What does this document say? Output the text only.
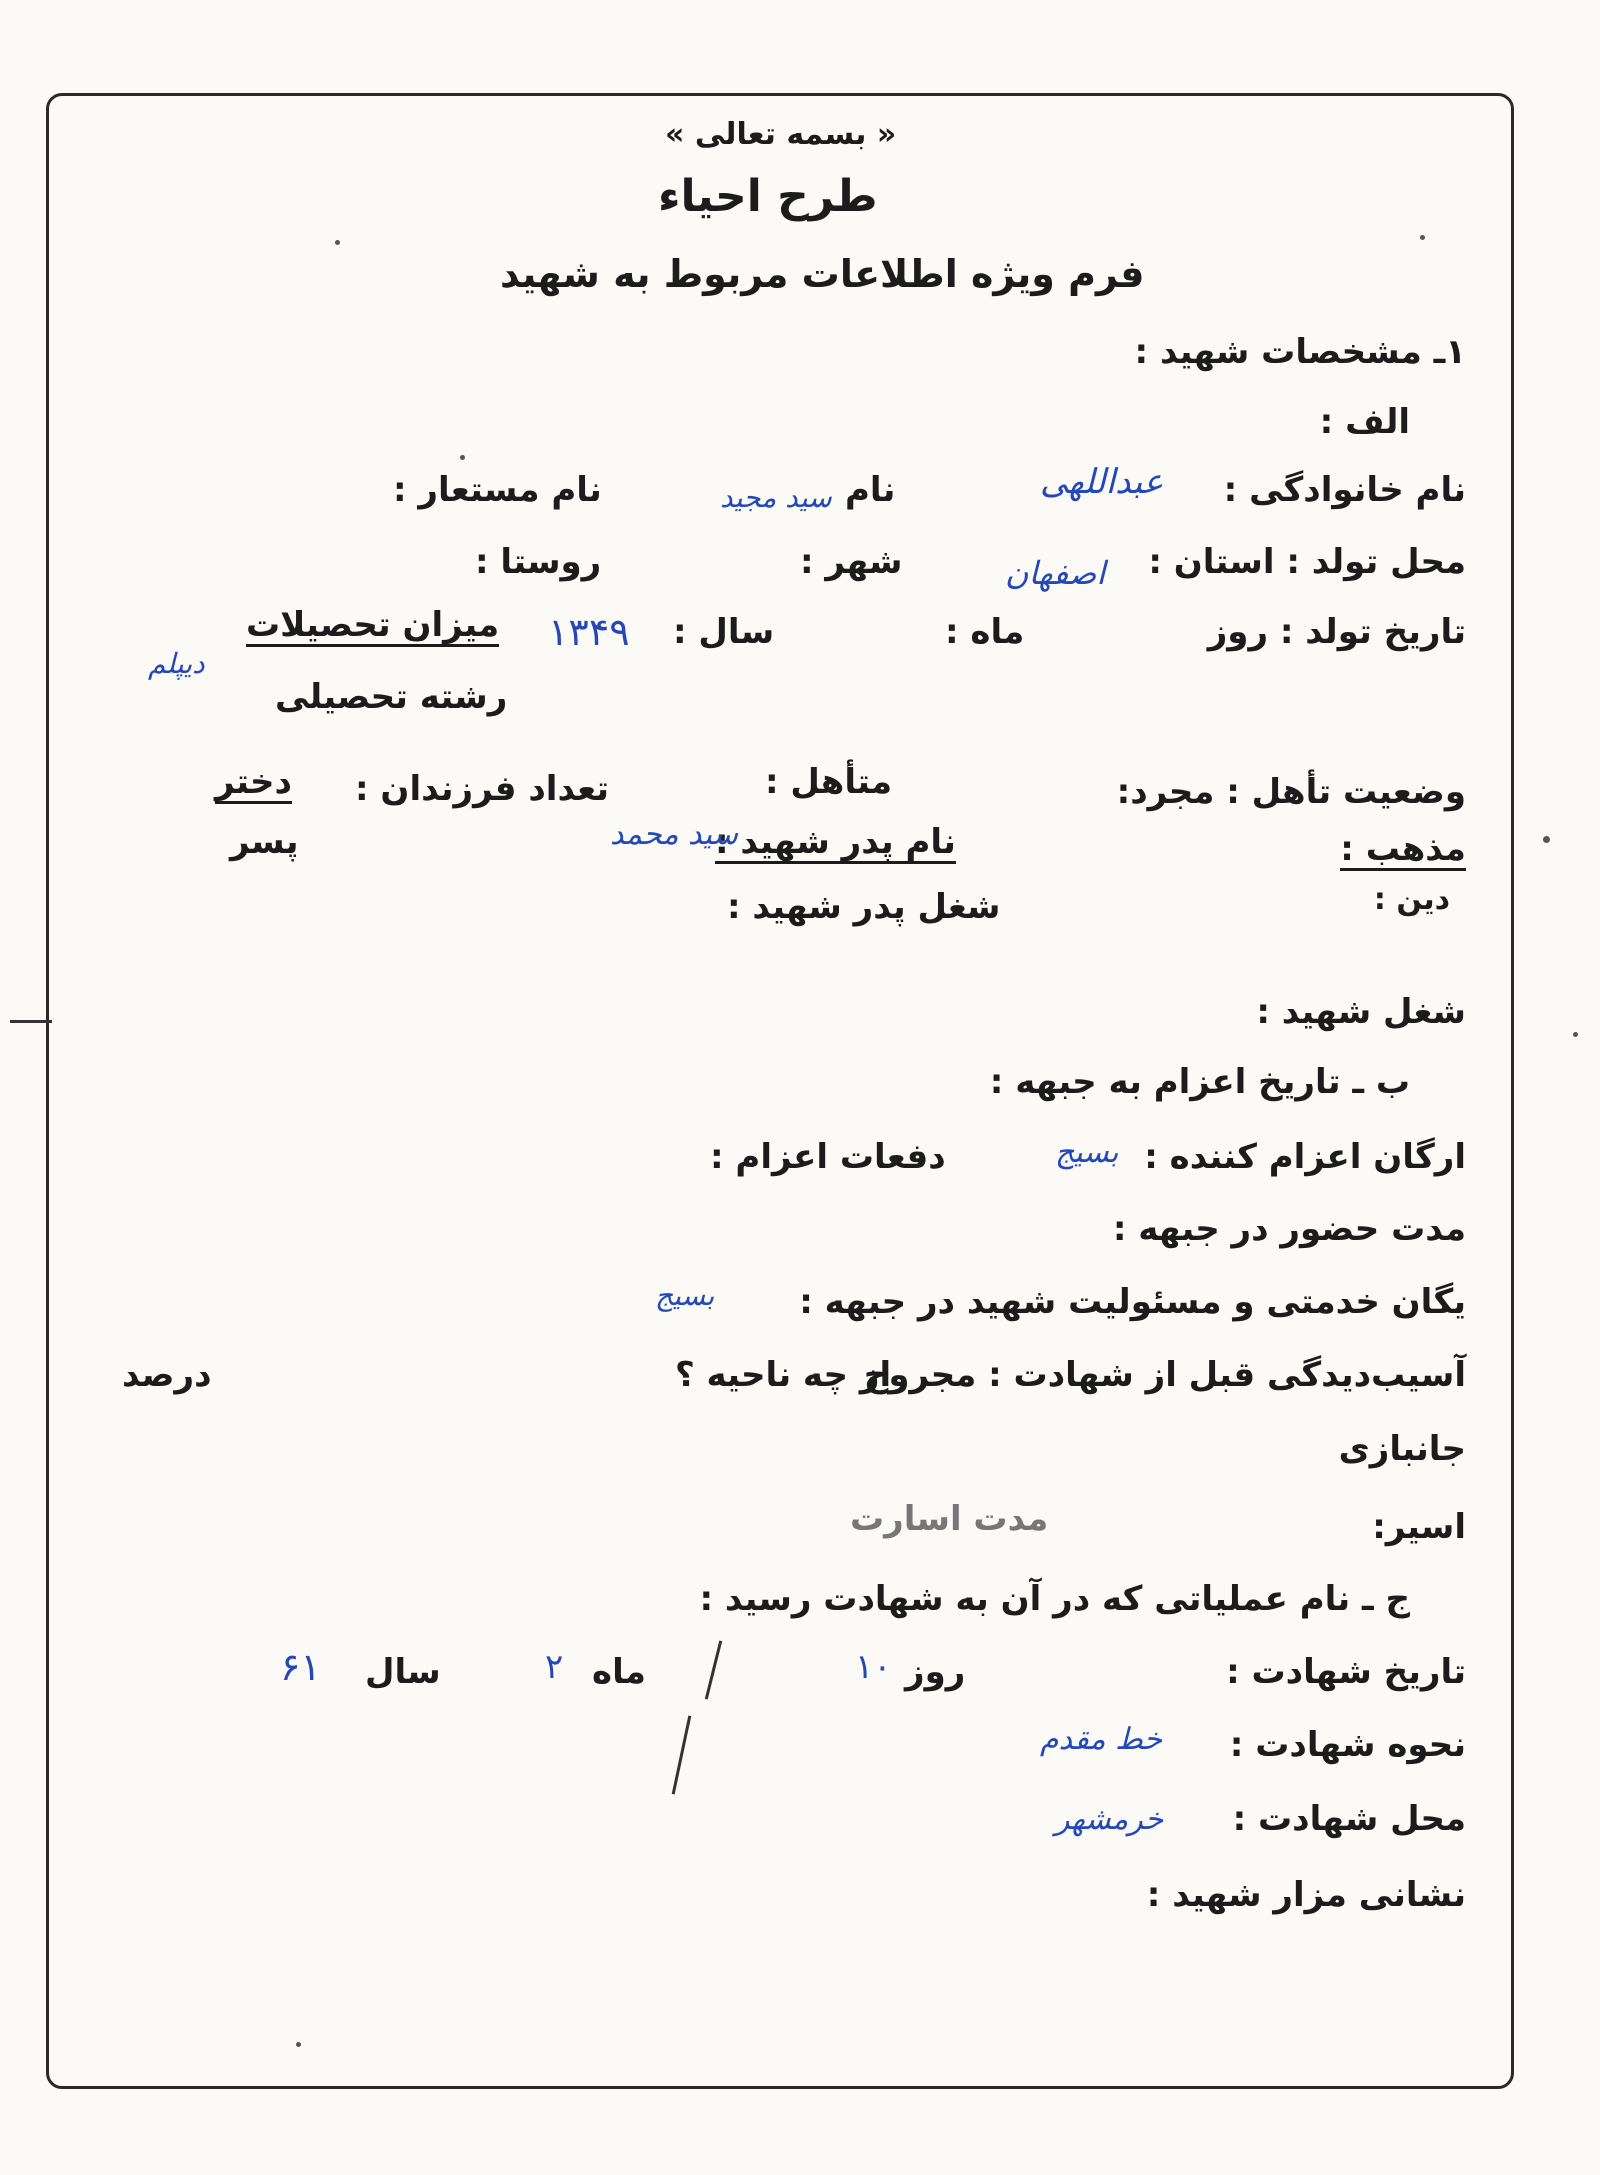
« بسمه تعالی »
طرح احیاء
فرم ویژه اطلاعات مربوط به شهید
۱ـ مشخصات شهید :
الف :
نام خانوادگی :
عبداللهی
نام
سید مجید
نام مستعار :
محل تولد : استان :
اصفهان
شهر :
روستا :
تاریخ تولد : روز
ماه :
سال :
۱۳۴۹
میزان تحصیلات
دیپلم
رشته تحصیلی
وضعیت تأهل : مجرد:
متأهل :
تعداد فرزندان :
دختر
پسر	مذهب :
دین :
نام پدر شهید :
سید محمد
شغل پدر شهید :
شغل شهید :
ب ـ تاریخ اعزام به جبهه :
ارگان اعزام کننده :
بسیج
دفعات اعزام :
مدت حضور در جبهه :
یگان خدمتی و مسئولیت شهید در جبهه :
بسیج
آسیب‌دیدگی قبل از شهادت : مجروح
از چه ناحیه ؟
درصد
جانبازی
اسیر:
مدت اسارت
ج ـ نام عملیاتی که در آن به شهادت رسید :
تاریخ شهادت :
روز
۱۰
ماه
۲
سال
۶۱
نحوه شهادت :
خط مقدم
محل شهادت :
خرمشهر
نشانی مزار شهید :
